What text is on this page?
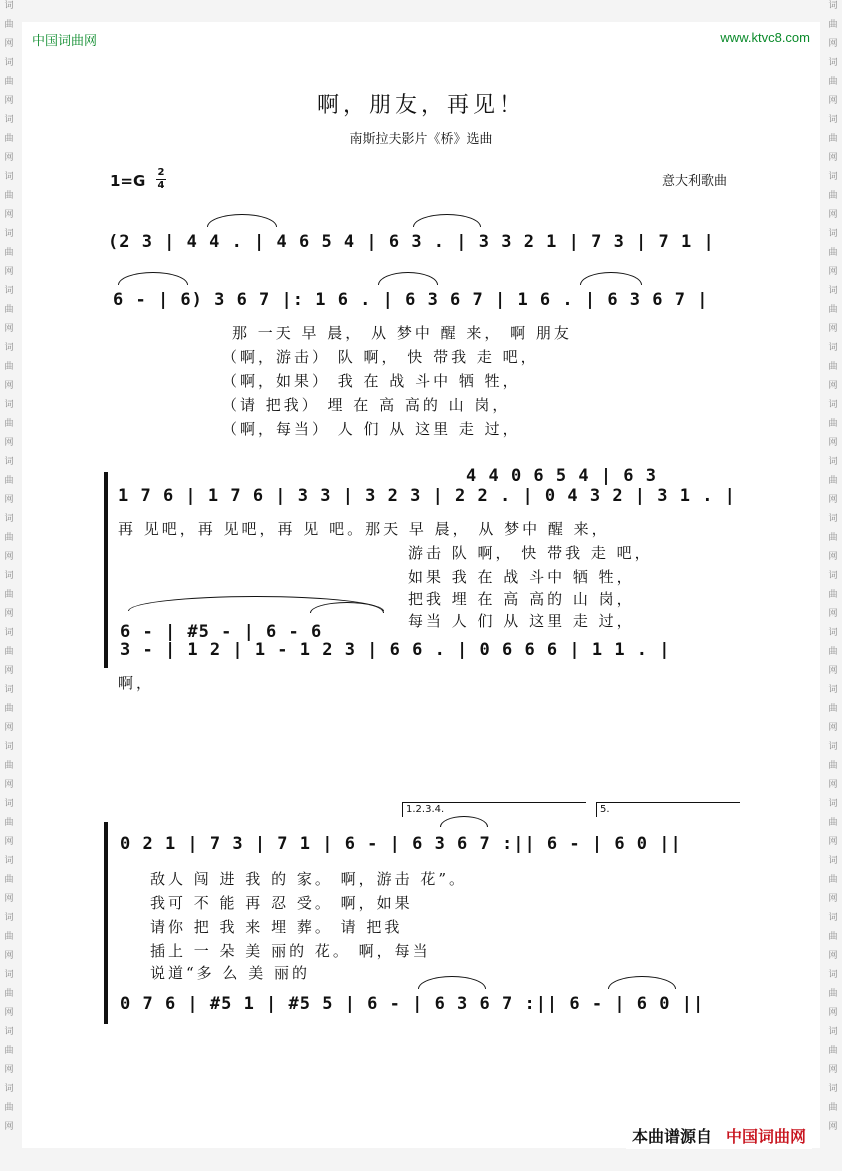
词
曲
网
词
曲
网
词
曲
网
词
曲
网
词
曲
网
词
曲
网
词
曲
网
词
曲
网
词
曲
网
词
曲
网
词
曲
网
词
曲
网
词
曲
网
词
曲
网
词
曲
网
词
曲
网
词
曲
网
词
曲
网
词
曲
网
词
曲
网
词
曲
网
词
曲
网
词
曲
网
词
曲
网
词
曲
网
词
曲
网
词
曲
网
词
曲
网
词
曲
网
词
曲
网
词
曲
网
词
曲
网
词
曲
网
词
曲
网
词
曲
网
词
曲
网
词
曲
网
词
曲
网
词
曲
网
词
曲
网
中国词曲网	www.ktvc8.com
啊，朋友，再见！
南斯拉夫影片《桥》选曲
1=G 2
4	意大利歌曲
(2 3 | 4 4 . | 4 6 5 4 | 6 3 . | 3 3 2 1 | 7 3 | 7 1 |
6 - | 6) 3 6 7 |: 1 6 . | 6 3 6 7 | 1 6 . | 6 3 6 7 |
那 一天 早 晨， 从 梦中 醒 来， 啊 朋友
（啊，游击） 队 啊， 快 带我 走 吧，
（啊，如果） 我 在 战 斗中 牺 牲，
（请 把我） 埋 在 高 高的 山 岗，
（啊，每当） 人 们 从 这里 走 过，
4 4 0 6 5 4 | 6 3
1 7 6 | 1 7 6 | 3 3 | 3 2 3 | 2 2 . | 0 4 3 2 | 3 1 . |
再 见吧，再 见吧，再 见 吧。那天 早 晨， 从 梦中 醒 来，
游击 队 啊， 快 带我 走 吧，
如果 我 在 战 斗中 牺 牲，
把我 埋 在 高 高的 山 岗，
每当 人 们 从 这里 走 过，
6 - | #5 - | 6 - 6
3 - | 1 2 | 1 - 1 2 3 | 6 6 . | 0 6 6 6 | 1 1 . |
啊，
1.2.3.4.	5.
0 2 1 | 7 3 | 7 1 | 6 - | 6 3 6 7 :|| 6 - | 6 0 ||
敌人 闯 进 我 的 家。 啊，游击 花”。
我可 不 能 再 忍 受。 啊，如果
请你 把 我 来 埋 葬。 请 把我
插上 一 朵 美 丽的 花。 啊，每当
说道“多 么 美 丽的
0 7 6 | #5 1 | #5 5 | 6 - | 6 3 6 7 :|| 6 - | 6 0 ||
本曲谱源自 中国词曲网
